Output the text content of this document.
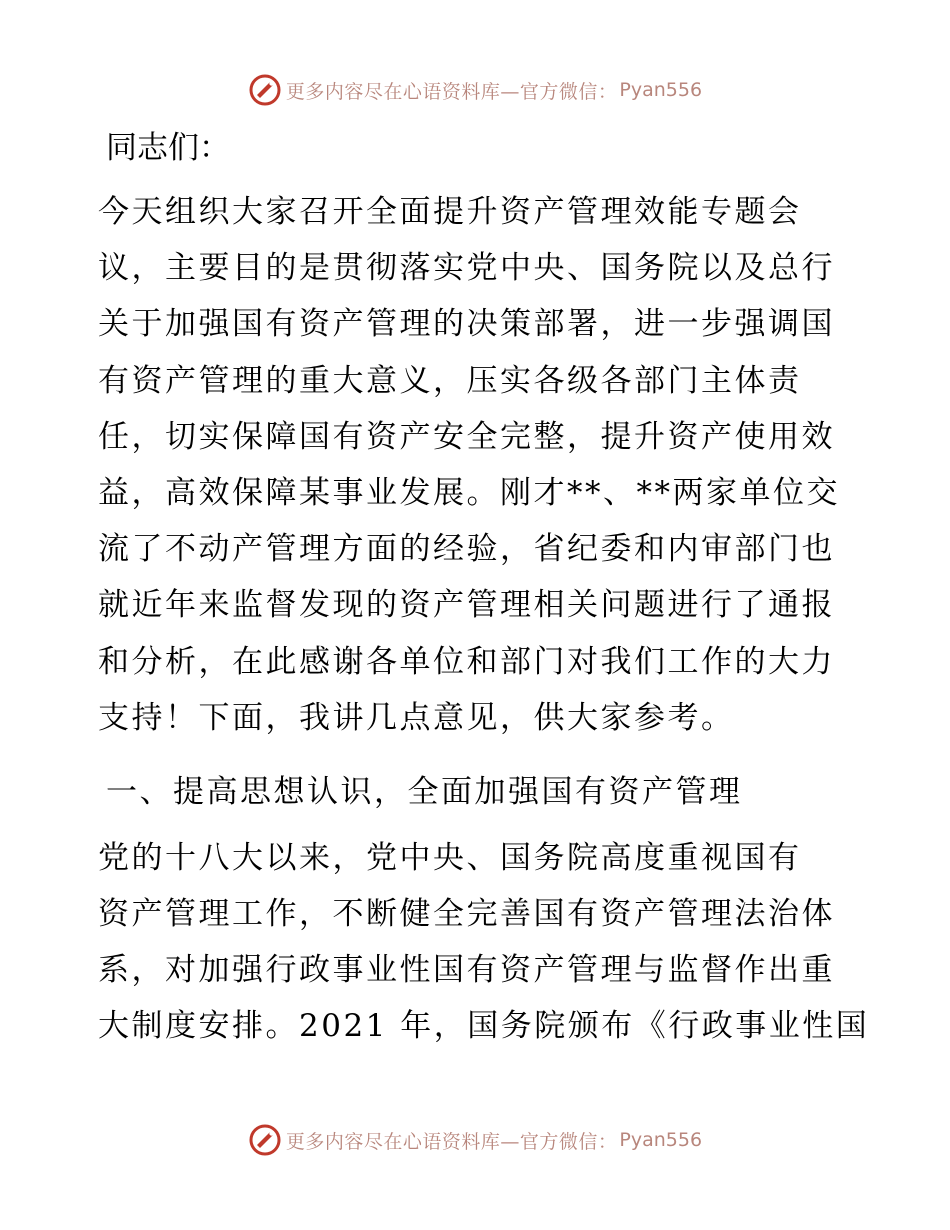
更多内容尽在心语资料库—官方微信： Pyan556
同志们：
今天组织大家召开全面提升资产管理效能专题会
议，主要目的是贯彻落实党中央、国务院以及总行
关于加强国有资产管理的决策部署，进一步强调国
有资产管理的重大意义，压实各级各部门主体责
任，切实保障国有资产安全完整，提升资产使用效
益，高效保障某事业发展。刚才**、**两家单位交
流了不动产管理方面的经验，省纪委和内审部门也
就近年来监督发现的资产管理相关问题进行了通报
和分析，在此感谢各单位和部门对我们工作的大力
支持！下面，我讲几点意见，供大家参考。
一、提高思想认识，全面加强国有资产管理
党的十八大以来，党中央、国务院高度重视国有
资产管理工作，不断健全完善国有资产管理法治体
系，对加强行政事业性国有资产管理与监督作出重
大制度安排。2021 年，国务院颁布《行政事业性国
更多内容尽在心语资料库—官方微信： Pyan556
